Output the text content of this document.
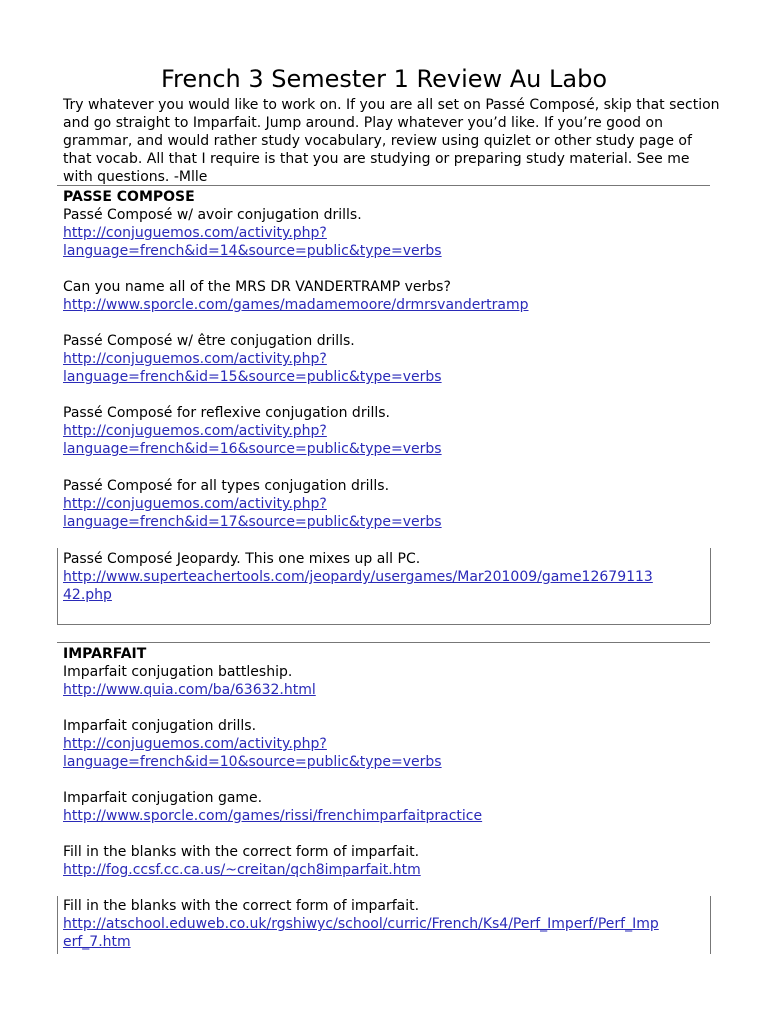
French 3 Semester 1 Review Au Labo

Try whatever you would like to work on. If you are all set on Passé Composé, skip that section and go straight to Imparfait. Jump around. Play whatever you’d like. If you’re good on grammar, and would rather study vocabulary, review using quizlet or other study page of that vocab. All that I require is that you are studying or preparing study material. See me with questions. -Mlle

PASSE COMPOSE

Passé Composé w/ avoir conjugation drills.
http://conjuguemos.com/activity.php?
language=french&id=14&source=public&type=verbs
Can you name all of the MRS DR VANDERTRAMP verbs?
http://www.sporcle.com/games/madamemoore/drmrsvandertramp
Passé Composé w/ être conjugation drills.
http://conjuguemos.com/activity.php?
language=french&id=15&source=public&type=verbs
Passé Composé for reflexive conjugation drills.
http://conjuguemos.com/activity.php?
language=french&id=16&source=public&type=verbs
Passé Composé for all types conjugation drills.
http://conjuguemos.com/activity.php?
language=french&id=17&source=public&type=verbs
Passé Composé Jeopardy. This one mixes up all PC.
http://www.superteachertools.com/jeopardy/usergames/Mar201009/game12679113
42.php

IMPARFAIT

Imparfait conjugation battleship.
http://www.quia.com/ba/63632.html
Imparfait conjugation drills.
http://conjuguemos.com/activity.php?
language=french&id=10&source=public&type=verbs
Imparfait conjugation game.
http://www.sporcle.com/games/rissi/frenchimparfaitpractice
Fill in the blanks with the correct form of imparfait.
http://fog.ccsf.cc.ca.us/~creitan/qch8imparfait.htm
Fill in the blanks with the correct form of imparfait.
http://atschool.eduweb.co.uk/rgshiwyc/school/curric/French/Ks4/Perf_Imperf/Perf_Imp
erf_7.htm
